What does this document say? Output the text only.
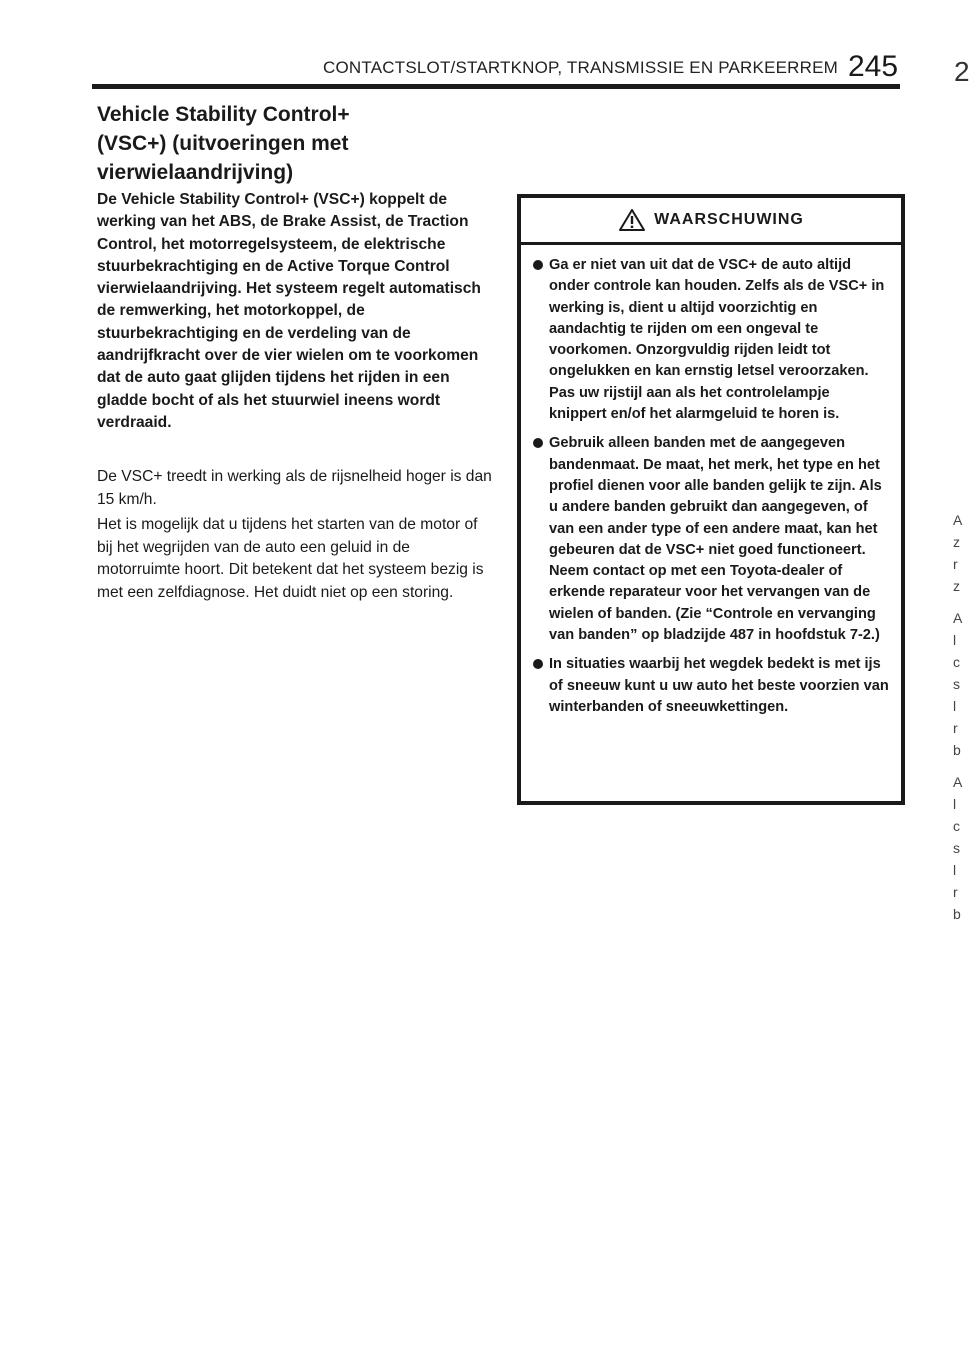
CONTACTSLOT/STARTKNOP, TRANSMISSIE EN PARKEERREM 245 2
A
z
r
z
A
l
c
s
l
r
b
A
l
c
s
l
r
b
Vehicle Stability Control+ (VSC+) (uitvoeringen met vierwielaandrijving)

De Vehicle Stability Control+ (VSC+) koppelt de werking van het ABS, de Brake Assist, de Traction Control, het motorregelsysteem, de elektrische stuurbekrachtiging en de Active Torque Control vierwielaandrijving. Het systeem regelt automatisch de remwerking, het motorkoppel, de stuurbekrachtiging en de verdeling van de aandrijfkracht over de vier wielen om te voorkomen dat de auto gaat glijden tijdens het rijden in een gladde bocht of als het stuurwiel ineens wordt verdraaid.

De VSC+ treedt in werking als de rijsnelheid hoger is dan 15 km/h.

Het is mogelijk dat u tijdens het starten van de motor of bij het wegrijden van de auto een geluid in de motorruimte hoort. Dit betekent dat het systeem bezig is met een zelfdiagnose. Het duidt niet op een storing.

WAARSCHUWING
Ga er niet van uit dat de VSC+ de auto altijd onder controle kan houden. Zelfs als de VSC+ in werking is, dient u altijd voorzichtig en aandachtig te rijden om een ongeval te voorkomen. Onzorgvuldig rijden leidt tot ongelukken en kan ernstig letsel veroorzaken. Pas uw rijstijl aan als het controlelampje knippert en/of het alarmgeluid te horen is.
Gebruik alleen banden met de aangegeven bandenmaat. De maat, het merk, het type en het profiel dienen voor alle banden gelijk te zijn. Als u andere banden gebruikt dan aangegeven, of van een ander type of een andere maat, kan het gebeuren dat de VSC+ niet goed functioneert. Neem contact op met een Toyota-dealer of erkende reparateur voor het vervangen van de wielen of banden. (Zie “Controle en vervanging van banden” op bladzijde 487 in hoofdstuk 7-2.)
In situaties waarbij het wegdek bedekt is met ijs of sneeuw kunt u uw auto het beste voorzien van winterbanden of sneeuwkettingen.
